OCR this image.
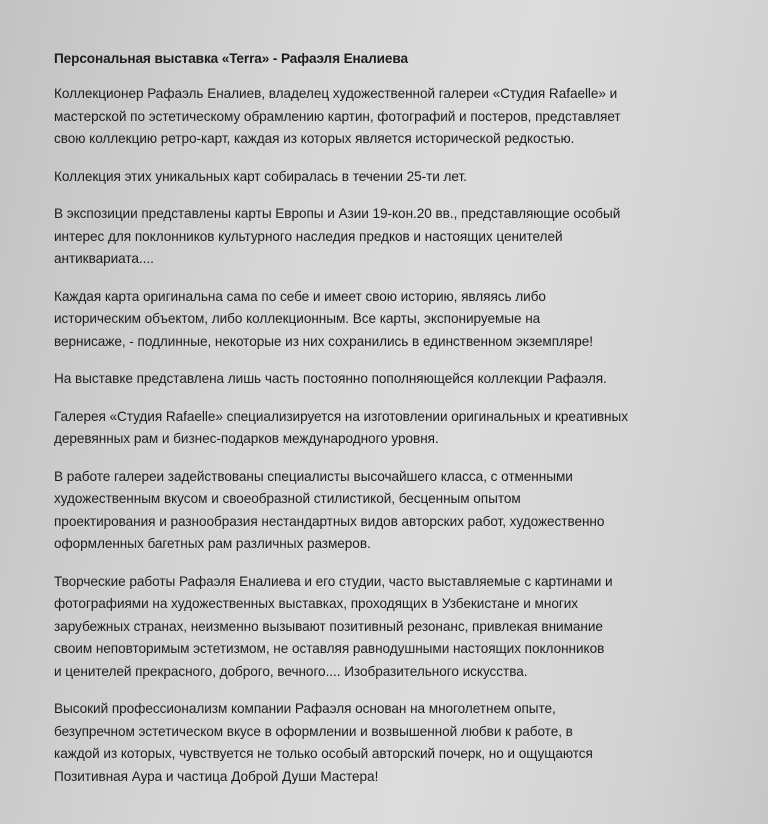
Персональная выставка «Terra» - Рафаэля Еналиева
Коллекционер Рафаэль Еналиев, владелец художественной галереи «Студия Rafaelle» и
мастерской по эстетическому обрамлению картин, фотографий и постеров, представляет
свою коллекцию ретро-карт, каждая из которых является исторической редкостью.
Коллекция этих уникальных карт собиралась в течении 25-ти лет.
В экспозиции представлены карты Европы и Азии 19-кон.20 вв., представляющие особый
интерес для поклонников культурного наследия предков и настоящих ценителей
антиквариата....
Каждая карта оригинальна сама по себе и имеет свою историю, являясь либо
историческим объектом, либо коллекционным. Все карты, экспонируемые на
вернисаже, - подлинные, некоторые из них сохранились в единственном экземпляре!
На выставке представлена лишь часть постоянно пополняющейся коллекции Рафаэля.
Галерея «Студия Rafaelle» специализируется на изготовлении оригинальных и креативных
деревянных рам и бизнес-подарков международного уровня.
В работе галереи задействованы специалисты высочайшего класса, с отменными
художественным вкусом и своеобразной стилистикой, бесценным опытом
проектирования и разнообразия нестандартных видов авторских работ, художественно
оформленных багетных рам различных размеров.
Творческие работы Рафаэля Еналиева и его студии, часто выставляемые с картинами и
фотографиями на художественных выставках, проходящих в Узбекистане и многих
зарубежных странах, неизменно вызывают позитивный резонанс, привлекая внимание
своим неповторимым эстетизмом, не оставляя равнодушными настоящих поклонников
и ценителей прекрасного, доброго, вечного.... Изобразительного искусства.
Высокий профессионализм компании Рафаэля основан на многолетнем опыте,
безупречном эстетическом вкусе в оформлении и возвышенной любви к работе, в
каждой из которых, чувствуется не только особый авторский почерк, но и ощущаются
Позитивная Аура и частица Доброй Души Мастера!
